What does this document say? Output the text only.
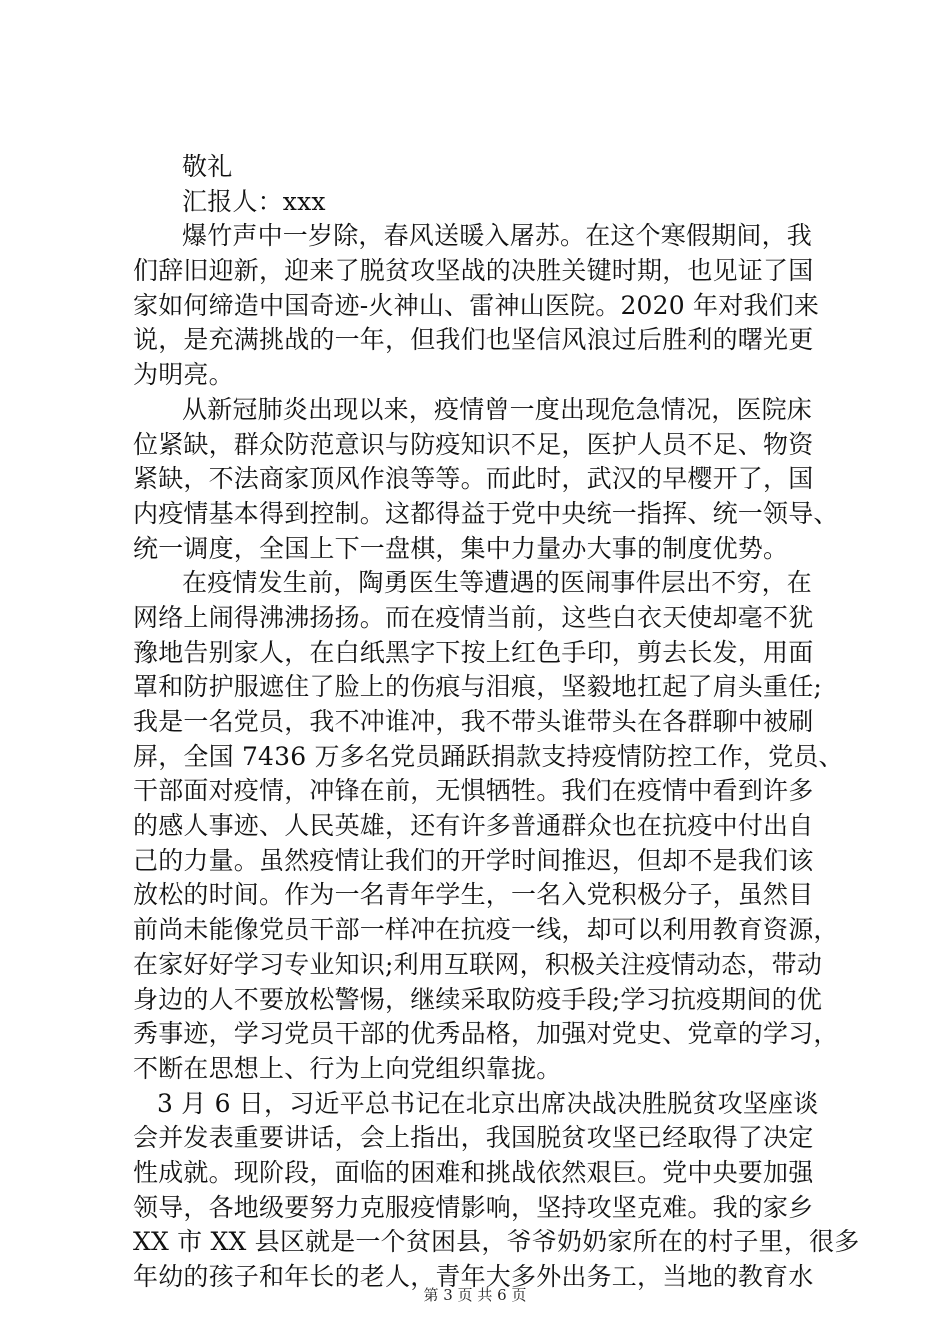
敬礼
汇报人：xxx
爆竹声中一岁除，春风送暖入屠苏。在这个寒假期间，我
们辞旧迎新，迎来了脱贫攻坚战的决胜关键时期，也见证了国
家如何缔造中国奇迹-火神山、雷神山医院。2020 年对我们来
说，是充满挑战的一年，但我们也坚信风浪过后胜利的曙光更
为明亮。
从新冠肺炎出现以来，疫情曾一度出现危急情况，医院床
位紧缺，群众防范意识与防疫知识不足，医护人员不足、物资
紧缺，不法商家顶风作浪等等。而此时，武汉的早樱开了，国
内疫情基本得到控制。这都得益于党中央统一指挥、统一领导、
统一调度，全国上下一盘棋，集中力量办大事的制度优势。
在疫情发生前，陶勇医生等遭遇的医闹事件层出不穷，在
网络上闹得沸沸扬扬。而在疫情当前，这些白衣天使却毫不犹
豫地告别家人，在白纸黑字下按上红色手印，剪去长发，用面
罩和防护服遮住了脸上的伤痕与泪痕，坚毅地扛起了肩头重任;
我是一名党员，我不冲谁冲，我不带头谁带头在各群聊中被刷
屏，全国 7436 万多名党员踊跃捐款支持疫情防控工作，党员、
干部面对疫情，冲锋在前，无惧牺牲。我们在疫情中看到许多
的感人事迹、人民英雄，还有许多普通群众也在抗疫中付出自
己的力量。虽然疫情让我们的开学时间推迟，但却不是我们该
放松的时间。作为一名青年学生，一名入党积极分子，虽然目
前尚未能像党员干部一样冲在抗疫一线，却可以利用教育资源，
在家好好学习专业知识;利用互联网，积极关注疫情动态，带动
身边的人不要放松警惕，继续采取防疫手段;学习抗疫期间的优
秀事迹，学习党员干部的优秀品格，加强对党史、党章的学习，
不断在思想上、行为上向党组织靠拢。
3 月 6 日，习近平总书记在北京出席决战决胜脱贫攻坚座谈
会并发表重要讲话，会上指出，我国脱贫攻坚已经取得了决定
性成就。现阶段，面临的困难和挑战依然艰巨。党中央要加强
领导，各地级要努力克服疫情影响，坚持攻坚克难。我的家乡
XX 市 XX 县区就是一个贫困县，爷爷奶奶家所在的村子里，很多
年幼的孩子和年长的老人，青年大多外出务工，当地的教育水
第 3 页 共 6 页
